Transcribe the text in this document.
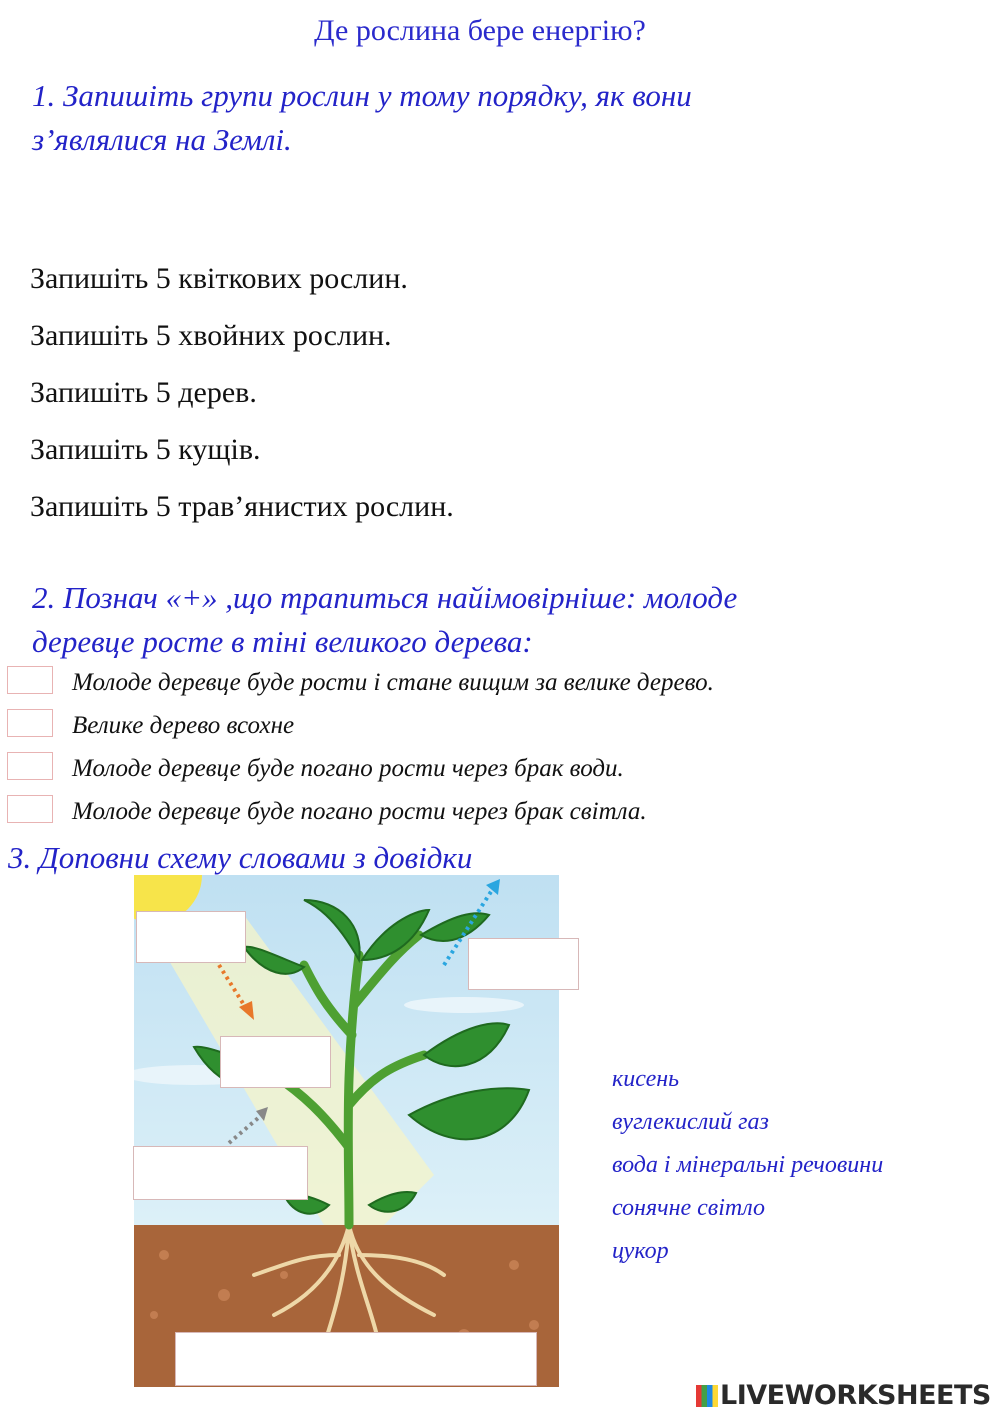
Де рослина бере енергію?
1. Запишіть групи рослин у тому порядку, як вони
з’являлися на Землі.
Запишіть 5 квіткових рослин.
Запишіть 5 хвойних рослин.
Запишіть 5 дерев.
Запишіть 5 кущів.
Запишіть 5 трав’янистих рослин.
2. Познач «+» ,що трапиться найімовірніше: молоде
деревце росте в тіні великого дерева:
Молоде деревце буде рости і стане вищим за велике дерево.
Велике дерево всохне
Молоде деревце буде погано рости через брак води.
Молоде деревце буде погано рости через брак світла.
3. Доповни схему словами з довідки
кисень
вуглекислий газ
вода і мінеральні речовини
сонячне світло
цукор
LIVEWORKSHEETS
